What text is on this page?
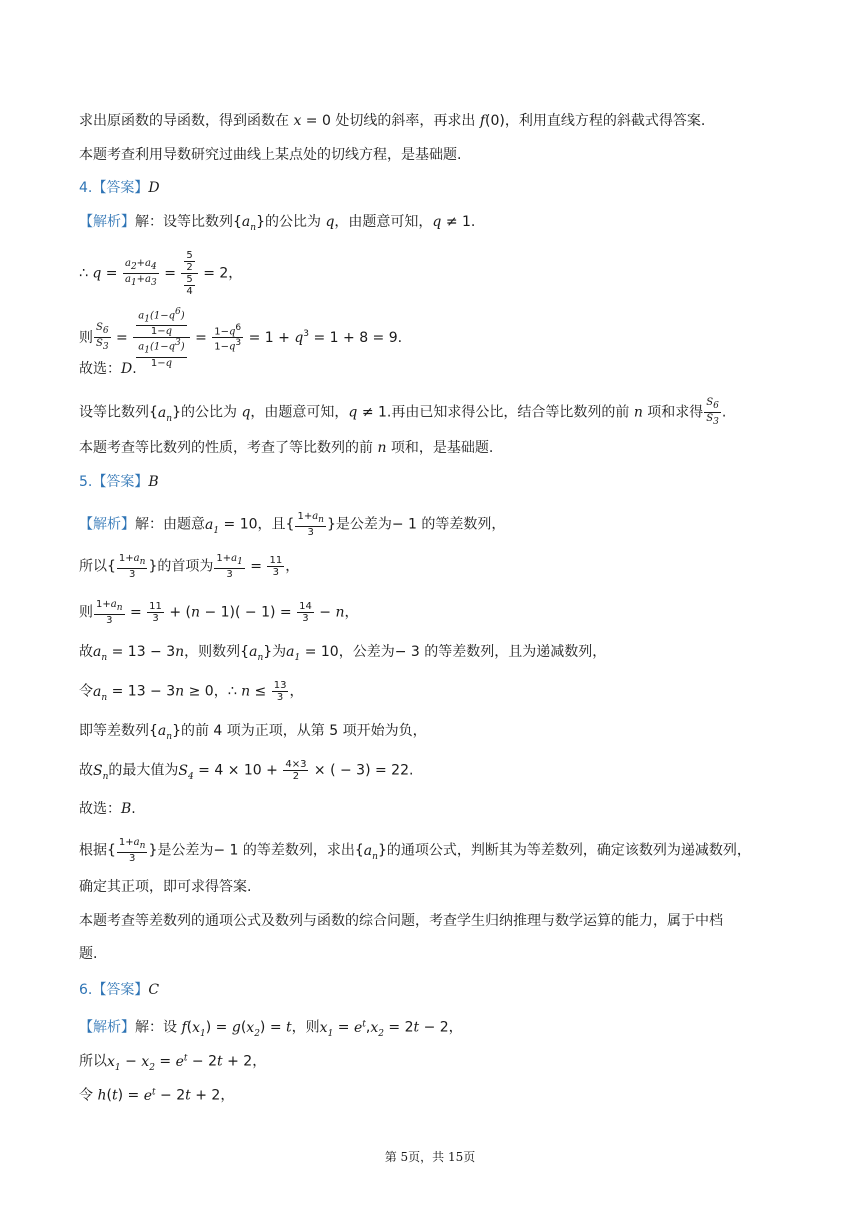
求出原函数的导函数，得到函数在 x = 0 处切线的斜率，再求出 f(0)，利用直线方程的斜截式得答案.
本题考查利用导数研究过曲线上某点处的切线方程，是基础题.
4.【答案】D
【解析】解：设等比数列$\{a_n\}$的公比为 q，由题意可知，q ≠ 1.
∴ $q = \frac{a_2+a_4}{a_1+a_3} = \frac{\frac{5}{2}}{\frac{5}{4}} = 2$，
则 $\frac{S_6}{S_3} = \frac{\frac{a_1(1-q^6)}{1-q}}{\frac{a_1(1-q^3)}{1-q}} = \frac{1-q^6}{1-q^3} = 1 + q^3 = 1 + 8 = 9$.
故选：D.
设等比数列$\{a_n\}$的公比为 q，由题意可知，q ≠ 1.再由已知求得公比，结合等比数列的前 n 项和求得 $\frac{S_6}{S_3}$ .
本题考查等比数列的性质，考查了等比数列的前 n 项和，是基础题.
5.【答案】B
【解析】解：由题意$a_1 = 10$，且{ $\frac{1+a_n}{3}$ }是公差为− 1 的等差数列，
所以{ $\frac{1+a_n}{3}$ }的首项为 $\frac{1+a_1}{3} = \frac{11}{3}$ ，
则 $\frac{1+a_n}{3} = \frac{11}{3} + (n - 1)( - 1) = \frac{14}{3} - n$，
故$a_n = 13 - 3n$，则数列$\{a_n\}$为$a_1 = 10$，公差为− 3 的等差数列，且为递减数列，
令$a_n = 13 - 3n \ge 0$，∴ $n \le \frac{13}{3}$ ，
即等差数列$\{a_n\}$的前 4 项为正项，从第 5 项开始为负，
故$S_n$的最大值为$S_4 = 4 \times 10 + \frac{4\times 3}{2}$ × ( − 3) = 22.
故选：B.
根据{ $\frac{1+a_n}{3}$ }是公差为− 1 的等差数列，求出$\{a_n\}$的通项公式，判断其为等差数列，确定该数列为递减数列，
确定其正项，即可求得答案.
本题考查等差数列的通项公式及数列与函数的综合问题，考查学生归纳推理与数学运算的能力，属于中档
题.
6.【答案】C
【解析】解：设 $f(x_1) = g(x_2) = t$，则$x_1 = e^t,x_2 = 2t - 2$，
所以$x_1 - x_2 = e^t - 2t + 2$，
令 $h(t) = e^t - 2t + 2$，
第 5页，共 15页
